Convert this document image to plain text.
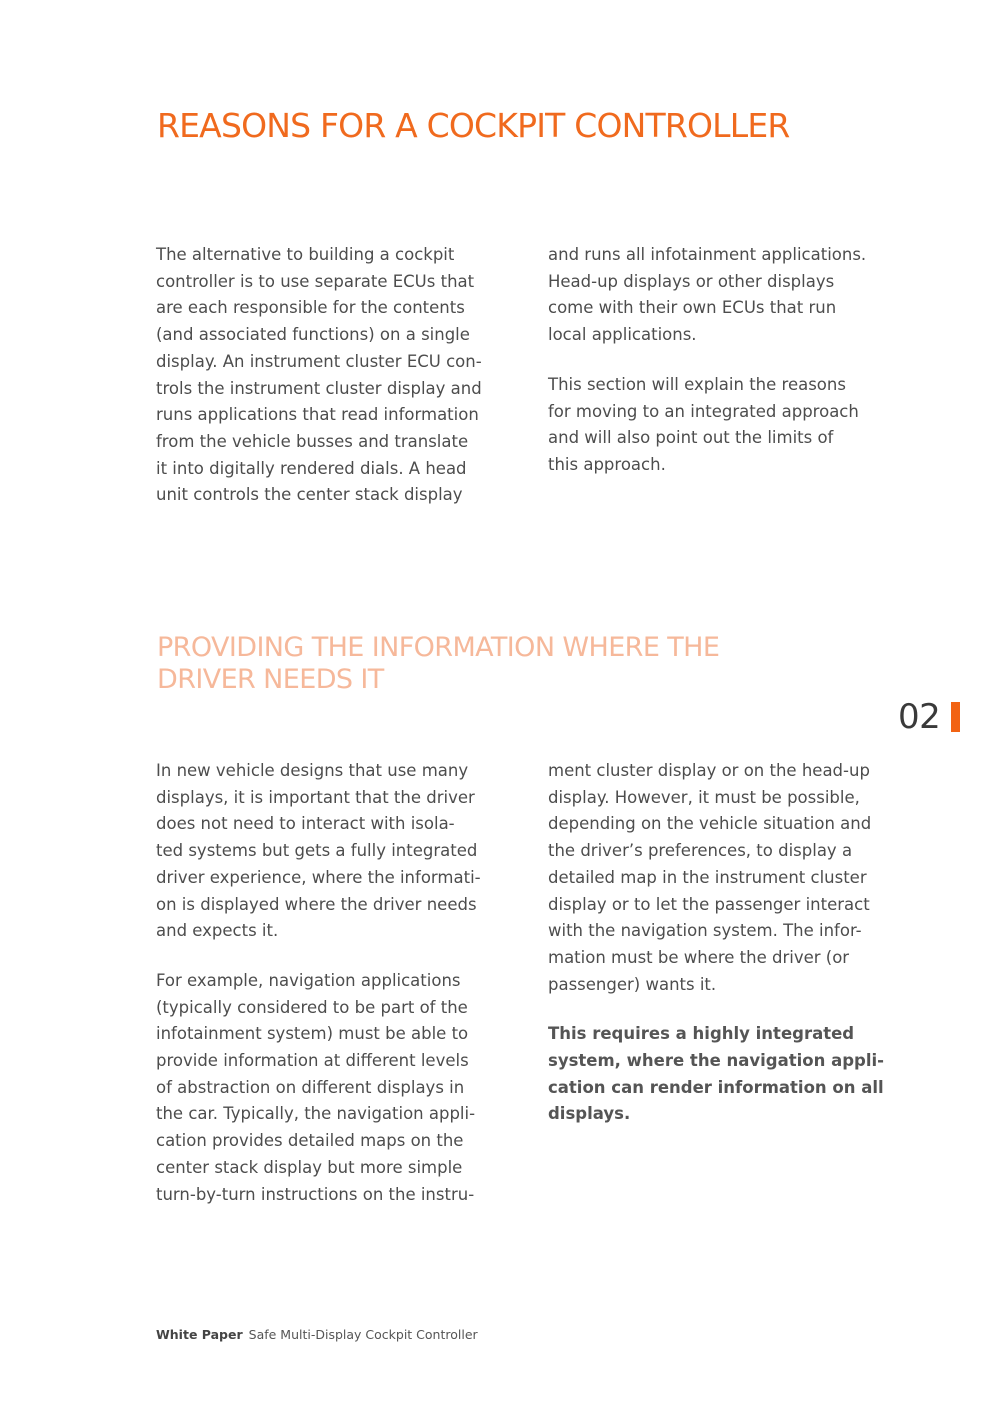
REASONS FOR A COCKPIT CONTROLLER

The alternative to building a cockpit
controller is to use separate ECUs that
are each responsible for the contents
(and associated functions) on a single
display. An instrument cluster ECU con-
trols the instrument cluster display and
runs applications that read information
from the vehicle busses and translate
it into digitally rendered dials. A head
unit controls the center stack display

and runs all infotainment applications.
Head-up displays or other displays
come with their own ECUs that run
local applications.

This section will explain the reasons
for moving to an integrated approach
and will also point out the limits of
this approach.

PROVIDING THE INFORMATION WHERE THE
DRIVER NEEDS IT
02

In new vehicle designs that use many
displays, it is important that the driver
does not need to interact with isola-
ted systems but gets a fully integrated
driver experience, where the informati-
on is displayed where the driver needs
and expects it.

For example, navigation applications
(typically considered to be part of the
infotainment system) must be able to
provide information at different levels
of abstraction on different displays in
the car. Typically, the navigation appli-
cation provides detailed maps on the
center stack display but more simple
turn-by-turn instructions on the instru-

ment cluster display or on the head-up
display. However, it must be possible,
depending on the vehicle situation and
the driver’s preferences, to display a
detailed map in the instrument cluster
display or to let the passenger interact
with the navigation system. The infor-
mation must be where the driver (or
passenger) wants it.

This requires a highly integrated
system, where the navigation appli-
cation can render information on all
displays.

White Paper Safe Multi-Display Cockpit Controller
